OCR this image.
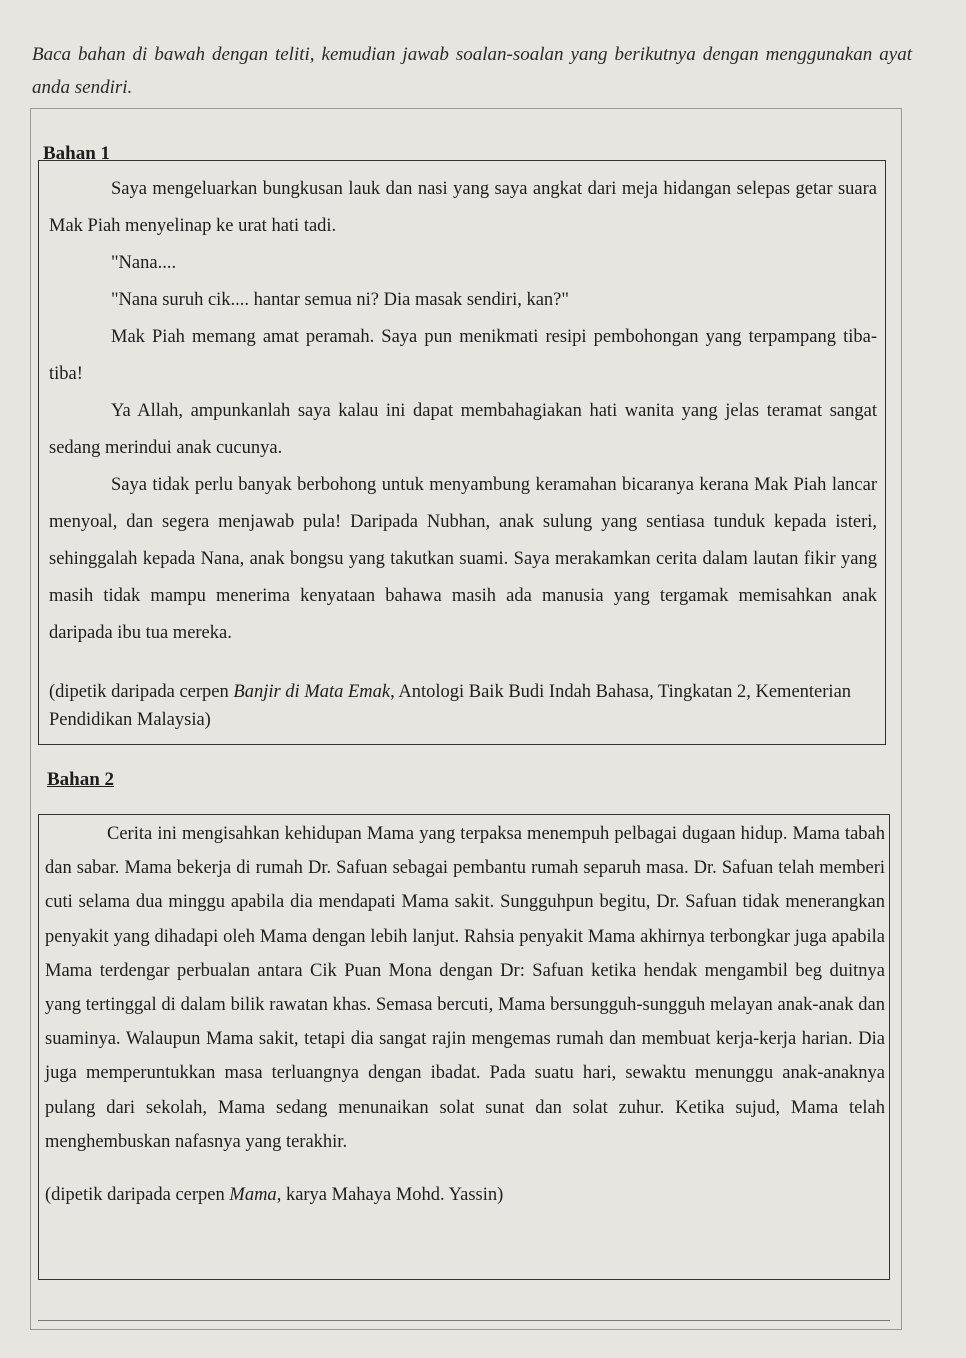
Baca bahan di bawah dengan teliti, kemudian jawab soalan-soalan yang berikutnya dengan menggunakan ayat anda sendiri.
Bahan 1

Saya mengeluarkan bungkusan lauk dan nasi yang saya angkat dari meja hidangan selepas getar suara Mak Piah menyelinap ke urat hati tadi.

"Nana....

"Nana suruh cik.... hantar semua ni? Dia masak sendiri, kan?"

Mak Piah memang amat peramah. Saya pun menikmati resipi pembohongan yang terpampang tiba-tiba!

Ya Allah, ampunkanlah saya kalau ini dapat membahagiakan hati wanita yang jelas teramat sangat sedang merindui anak cucunya.

Saya tidak perlu banyak berbohong untuk menyambung keramahan bicaranya kerana Mak Piah lancar menyoal, dan segera menjawab pula! Daripada Nubhan, anak sulung yang sentiasa tunduk kepada isteri, sehinggalah kepada Nana, anak bongsu yang takutkan suami. Saya merakamkan cerita dalam lautan fikir yang masih tidak mampu menerima kenyataan bahawa masih ada manusia yang tergamak memisahkan anak daripada ibu tua mereka.

(dipetik daripada cerpen Banjir di Mata Emak, Antologi Baik Budi Indah Bahasa, Tingkatan 2, Kementerian Pendidikan Malaysia)

Bahan 2

Cerita ini mengisahkan kehidupan Mama yang terpaksa menempuh pelbagai dugaan hidup. Mama tabah dan sabar. Mama bekerja di rumah Dr. Safuan sebagai pembantu rumah separuh masa. Dr. Safuan telah memberi cuti selama dua minggu apabila dia mendapati Mama sakit. Sungguhpun begitu, Dr. Safuan tidak menerangkan penyakit yang dihadapi oleh Mama dengan lebih lanjut. Rahsia penyakit Mama akhirnya terbongkar juga apabila Mama terdengar perbualan antara Cik Puan Mona dengan Dr: Safuan ketika hendak mengambil beg duitnya yang tertinggal di dalam bilik rawatan khas. Semasa bercuti, Mama bersungguh-sungguh melayan anak-anak dan suaminya. Walaupun Mama sakit, tetapi dia sangat rajin mengemas rumah dan membuat kerja-kerja harian. Dia juga memperuntukkan masa terluangnya dengan ibadat. Pada suatu hari, sewaktu menunggu anak-anaknya pulang dari sekolah, Mama sedang menunaikan solat sunat dan solat zuhur. Ketika sujud, Mama telah menghembuskan nafasnya yang terakhir.

(dipetik daripada cerpen Mama, karya Mahaya Mohd. Yassin)
